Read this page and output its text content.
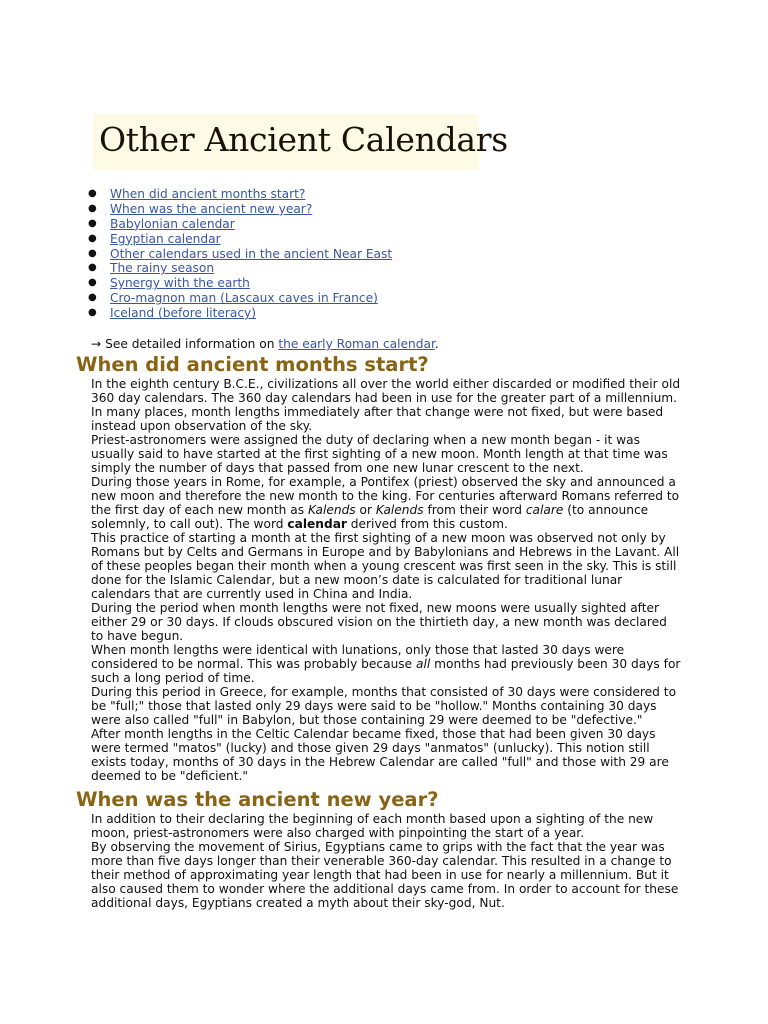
Other Ancient Calendars
● When did ancient months start?
● When was the ancient new year?
● Babylonian calendar
● Egyptian calendar
● Other calendars used in the ancient Near East
● The rainy season
● Synergy with the earth
● Cro-magnon man (Lascaux caves in France)
● Iceland (before literacy)
→ See detailed information on the early Roman calendar.
When did ancient months start?

In the eighth century B.C.E., civilizations all over the world either discarded or modified their old 360 day calendars. The 360 day calendars had been in use for the greater part of a millennium. In many places, month lengths immediately after that change were not fixed, but were based instead upon observation of the sky.

Priest-astronomers were assigned the duty of declaring when a new month began - it was usually said to have started at the first sighting of a new moon. Month length at that time was simply the number of days that passed from one new lunar crescent to the next.

During those years in Rome, for example, a Pontifex (priest) observed the sky and announced a new moon and therefore the new month to the king. For centuries afterward Romans referred to the first day of each new month as Kalends or Kalends from their word calare (to announce solemnly, to call out). The word calendar derived from this custom.

This practice of starting a month at the first sighting of a new moon was observed not only by Romans but by Celts and Germans in Europe and by Babylonians and Hebrews in the Lavant. All of these peoples began their month when a young crescent was first seen in the sky. This is still done for the Islamic Calendar, but a new moon’s date is calculated for traditional lunar calendars that are currently used in China and India.

During the period when month lengths were not fixed, new moons were usually sighted after either 29 or 30 days. If clouds obscured vision on the thirtieth day, a new month was declared to have begun.

When month lengths were identical with lunations, only those that lasted 30 days were considered to be normal. This was probably because all months had previously been 30 days for such a long period of time.

During this period in Greece, for example, months that consisted of 30 days were considered to be "full;" those that lasted only 29 days were said to be "hollow." Months containing 30 days were also called "full" in Babylon, but those containing 29 were deemed to be "defective."

After month lengths in the Celtic Calendar became fixed, those that had been given 30 days were termed "matos" (lucky) and those given 29 days "anmatos" (unlucky). This notion still exists today, months of 30 days in the Hebrew Calendar are called "full" and those with 29 are deemed to be "deficient."

When was the ancient new year?

In addition to their declaring the beginning of each month based upon a sighting of the new moon, priest-astronomers were also charged with pinpointing the start of a year.

By observing the movement of Sirius, Egyptians came to grips with the fact that the year was more than five days longer than their venerable 360-day calendar. This resulted in a change to their method of approximating year length that had been in use for nearly a millennium. But it also caused them to wonder where the additional days came from. In order to account for these additional days, Egyptians created a myth about their sky-god, Nut.
